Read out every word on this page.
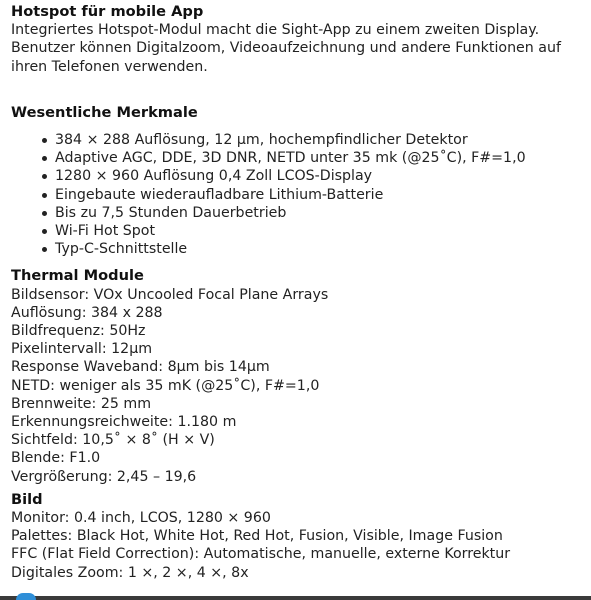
Hotspot für mobile App

Integriertes Hotspot-Modul macht die Sight-App zu einem zweiten Display. Benutzer können Digitalzoom, Videoaufzeichnung und andere Funktionen auf ihren Telefonen verwenden.

Wesentliche Merkmale
384 × 288 Auflösung, 12 μm, hochempfindlicher Detektor
Adaptive AGC, DDE, 3D DNR, NETD unter 35 mk (@25˚C), F#=1,0
1280 × 960 Auflösung 0,4 Zoll LCOS-Display
Eingebaute wiederaufladbare Lithium-Batterie
Bis zu 7,5 Stunden Dauerbetrieb
Wi-Fi Hot Spot
Typ-C-Schnittstelle
Thermal Module
Bildsensor: VOx Uncooled Focal Plane Arrays
Auflösung: 384 x 288
Bildfrequenz: 50Hz
Pixelintervall: 12μm
Response Waveband: 8μm bis 14μm
NETD: weniger als 35 mK (@25˚C), F#=1,0
Brennweite: 25 mm
Erkennungsreichweite: 1.180 m
Sichtfeld: 10,5˚ × 8˚ (H × V)
Blende: F1.0
Vergrößerung: 2,45 – 19,6
Bild
Monitor: 0.4 inch, LCOS, 1280 × 960
Palettes: Black Hot, White Hot, Red Hot, Fusion, Visible, Image Fusion
FFC (Flat Field Correction): Automatische, manuelle, externe Korrektur
Digitales Zoom: 1 ×, 2 ×, 4 ×, 8x
